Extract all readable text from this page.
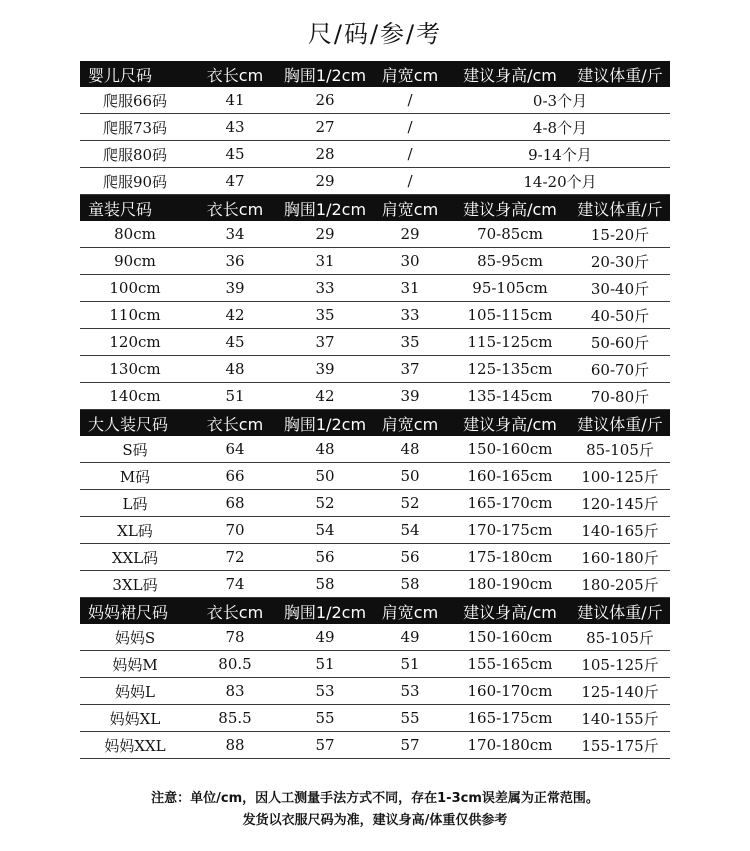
尺/码/参/考
婴儿尺码	衣长cm	胸围1/2cm	肩宽cm	建议身高/cm	建议体重/斤
爬服66码	41	26	/	0-3个月	
爬服73码	43	27	/	4-8个月	
爬服80码	45	28	/	9-14个月	
爬服90码	47	29	/	14-20个月	
童装尺码	衣长cm	胸围1/2cm	肩宽cm	建议身高/cm	建议体重/斤
80cm	34	29	29	70-85cm	15-20斤
90cm	36	31	30	85-95cm	20-30斤
100cm	39	33	31	95-105cm	30-40斤
110cm	42	35	33	105-115cm	40-50斤
120cm	45	37	35	115-125cm	50-60斤
130cm	48	39	37	125-135cm	60-70斤
140cm	51	42	39	135-145cm	70-80斤
大人装尺码	衣长cm	胸围1/2cm	肩宽cm	建议身高/cm	建议体重/斤
S码	64	48	48	150-160cm	85-105斤
M码	66	50	50	160-165cm	100-125斤
L码	68	52	52	165-170cm	120-145斤
XL码	70	54	54	170-175cm	140-165斤
XXL码	72	56	56	175-180cm	160-180斤
3XL码	74	58	58	180-190cm	180-205斤
妈妈裙尺码	衣长cm	胸围1/2cm	肩宽cm	建议身高/cm	建议体重/斤
妈妈S	78	49	49	150-160cm	85-105斤
妈妈M	80.5	51	51	155-165cm	105-125斤
妈妈L	83	53	53	160-170cm	125-140斤
妈妈XL	85.5	55	55	165-175cm	140-155斤
妈妈XXL	88	57	57	170-180cm	155-175斤
注意：单位/cm，因人工测量手法方式不同，存在1-3cm误差属为正常范围。
发货以衣服尺码为准，建议身高/体重仅供参考
